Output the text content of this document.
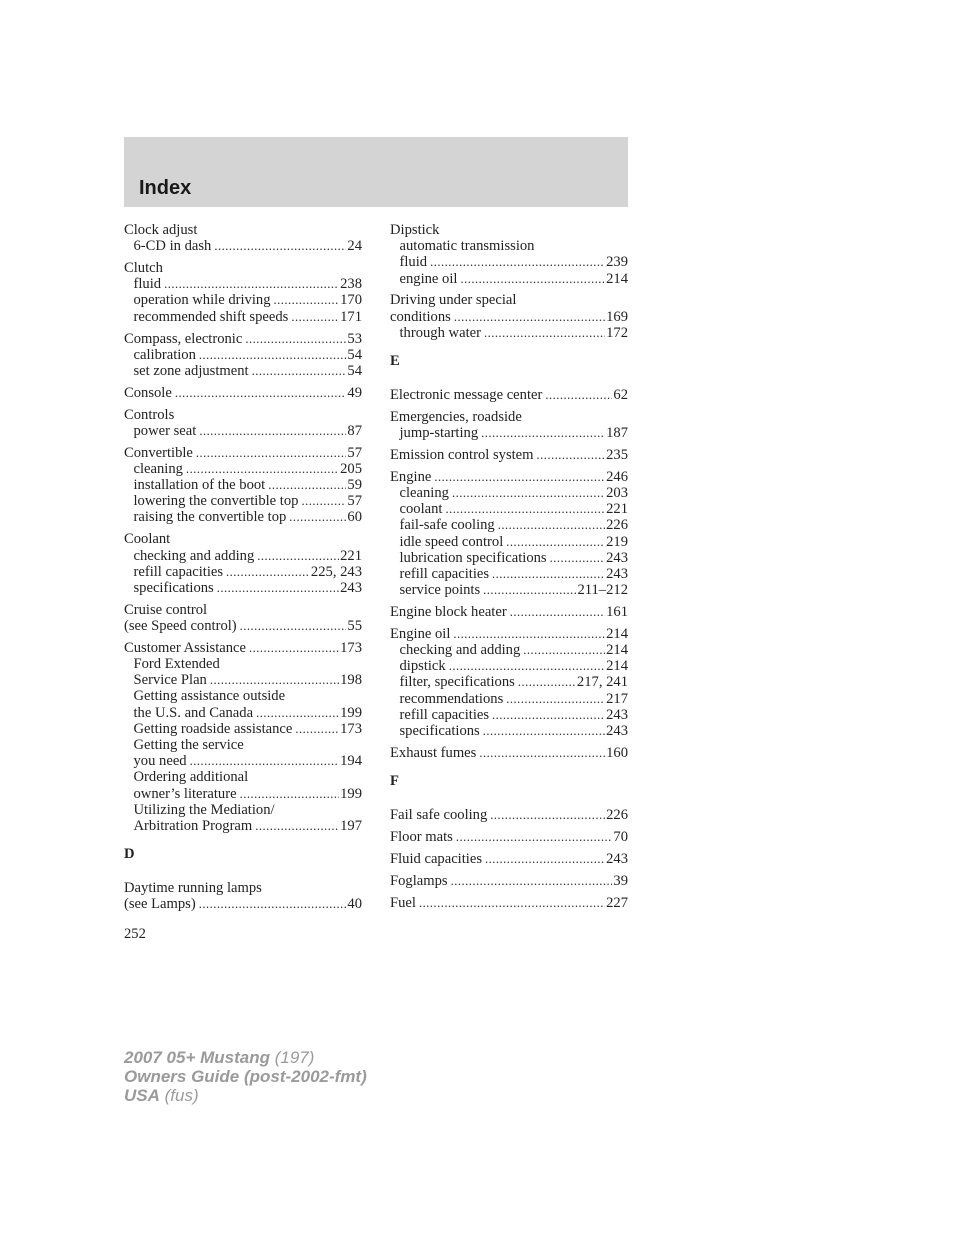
Index
Clock adjust
6-CD in dash .....	24
Clutch
fluid .....	238
operation while driving .....	170
recommended shift speeds .....	171
Compass, electronic .....	53
calibration .....	54
set zone adjustment .....	54
Console .....	49
Controls
power seat .....	87
Convertible .....	57
cleaning .....	205
installation of the boot .....	59
lowering the convertible top .....	57
raising the convertible top .....	60
Coolant
checking and adding .....	221
refill capacities .....	225, 243
specifications .....	243
Cruise control
(see Speed control) .....	55
Customer Assistance .....	173
Ford Extended
Service Plan .....	198
Getting assistance outside
the U.S. and Canada .....	199
Getting roadside assistance .....	173
Getting the service
you need .....	194
Ordering additional
owner’s literature .....	199
Utilizing the Mediation/
Arbitration Program .....	197
D
Daytime running lamps
(see Lamps) .....	40
Dipstick
automatic transmission
fluid .....	239
engine oil .....	214
Driving under special
conditions .....	169
through water .....	172
E
Electronic message center .....	62
Emergencies, roadside
jump-starting .....	187
Emission control system .....	235
Engine .....	246
cleaning .....	203
coolant .....	221
fail-safe cooling .....	226
idle speed control .....	219
lubrication specifications .....	243
refill capacities .....	243
service points .....	211–212
Engine block heater .....	161
Engine oil .....	214
checking and adding .....	214
dipstick .....	214
filter, specifications .....	217, 241
recommendations .....	217
refill capacities .....	243
specifications .....	243
Exhaust fumes .....	160
F
Fail safe cooling .....	226
Floor mats .....	70
Fluid capacities .....	243
Foglamps .....	39
Fuel .....	227
252
2007 05+ Mustang (197)
Owners Guide (post-2002-fmt)
USA (fus)
